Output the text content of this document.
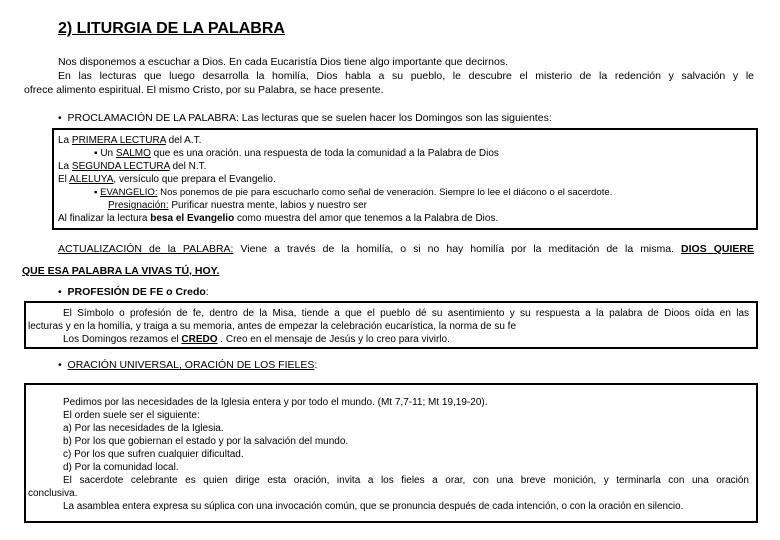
2) LITURGIA DE LA PALABRA
Nos disponemos a escuchar a Dios. En cada Eucaristía Dios tiene algo importante que decirnos.
En las lecturas que luego desarrolla la homilía, Dios habla a su pueblo, le descubre el misterio de la redención y salvación y le
ofrece alimento espiritual. El mismo Cristo, por su Palabra, se hace presente.
• PROCLAMACIÓN DE LA PALABRA: Las lecturas que se suelen hacer los Domingos son las siguientes:
La PRIMERA LECTURA del A.T.
▪ Un SALMO que es una oración. una respuesta de toda la comunidad a la Palabra de Dios
La SEGUNDA LECTURA del N.T.
El ALELUYA, versículo que prepara el Evangelio.
▪ EVANGELIO: Nos ponemos de pie para escucharlo como señal de veneración. Siempre lo lee el diácono o el sacerdote.
Presignación: Purificar nuestra mente, labios y nuestro ser
Al finalizar la lectura besa el Evangelio como muestra del amor que tenemos a la Palabra de Dios.
ACTUALIZACIÓN de la PALABRA: Viene a través de la homilía, o si no hay homilía por la meditación de la misma. DIOS QUIERE
QUE ESA PALABRA LA VIVAS TÚ, HOY.
• PROFESIÓN DE FE o Credo:
El Símbolo o profesión de fe, dentro de la Misa, tiende a que el pueblo dé su asentimiento y su respuesta a la palabra de Dioos oída en las
lecturas y en la homilía, y traiga a su memoria, antes de empezar la celebración eucarística, la norma de su fe
Los Domingos rezamos el CREDO . Creo en el mensaje de Jesús y lo creo para vivirlo.
• ORACIÓN UNIVERSAL, ORACIÓN DE LOS FIELES:
Pedimos por las necesidades de la Iglesia entera y por todo el mundo. (Mt 7,7-11; Mt 19,19-20).
El orden suele ser el siguiente:
a) Por las necesidades de la Iglesia.
b) Por los que gobiernan el estado y por la salvación del mundo.
c) Por los que sufren cualquier dificultad.
d) Por la comunidad local.
El sacerdote celebrante es quien dirige esta oración, invita a los fieles a orar, con una breve monición, y terminarla con una oración
conclusiva.
La asamblea entera expresa su súplica con una invocación común, que se pronuncia después de cada intención, o con la oración en silencio.
